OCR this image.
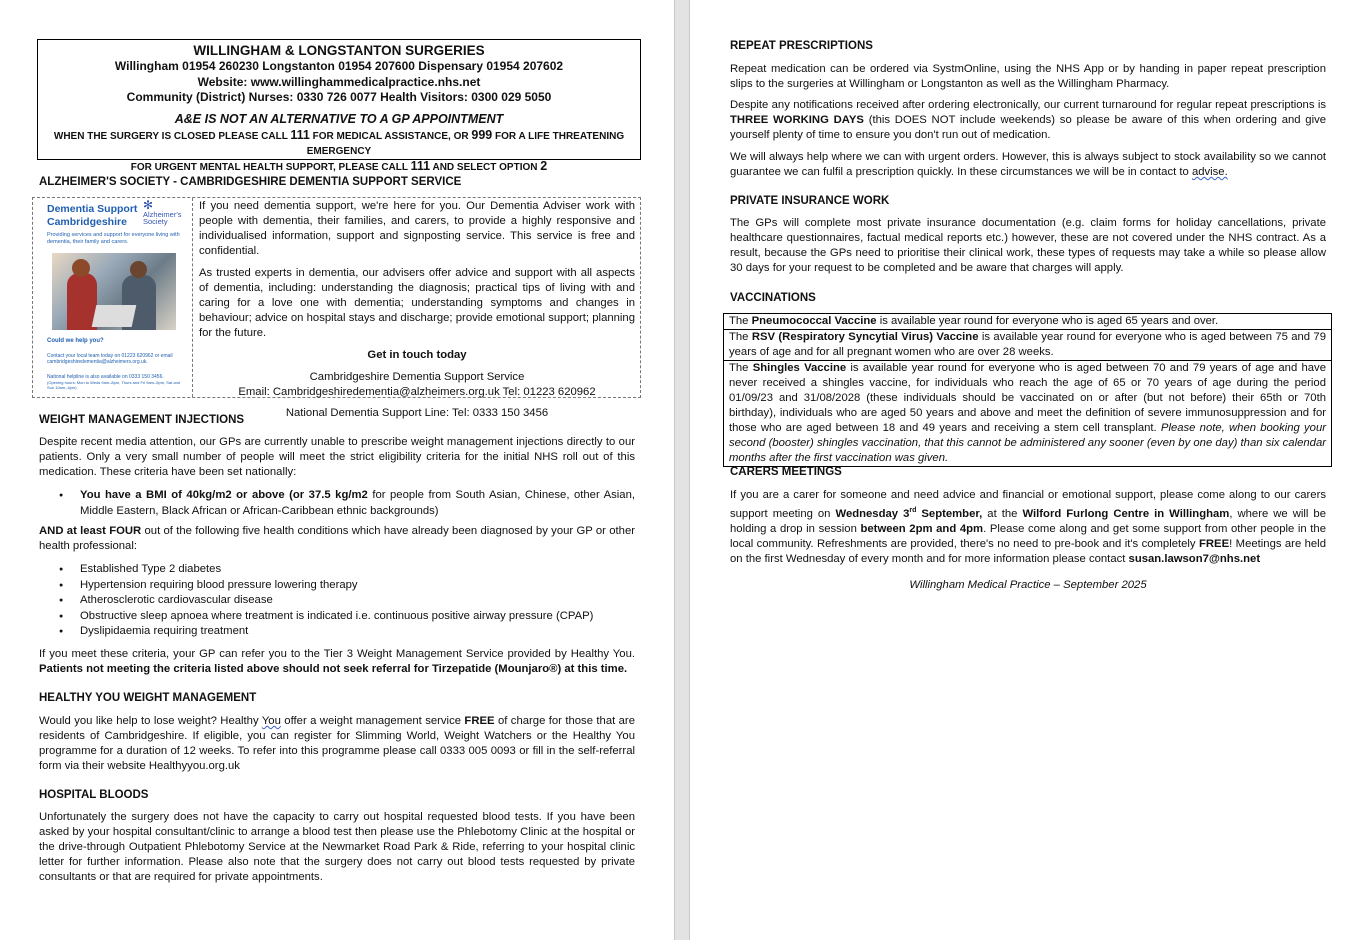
WILLINGHAM & LONGSTANTON SURGERIES
Willingham 01954 260230 Longstanton 01954 207600 Dispensary 01954 207602
Website: www.willinghammedicalpractice.nhs.net
Community (District) Nurses: 0330 726 0077 Health Visitors: 0300 029 5050
A&E IS NOT AN ALTERNATIVE TO A GP APPOINTMENT
WHEN THE SURGERY IS CLOSED PLEASE CALL 111 FOR MEDICAL ASSISTANCE, OR 999 FOR A LIFE THREATENING EMERGENCY
FOR URGENT MENTAL HEALTH SUPPORT, PLEASE CALL 111 AND SELECT OPTION 2
ALZHEIMER'S SOCIETY - CAMBRIDGESHIRE DEMENTIA SUPPORT SERVICE
Dementia Support
Cambridgeshire
✻
Alzheimer's
Society
Providing services and support for everyone living with dementia, their family and carers.
Could we help you?
Contact your local team today on 01223 620962 or email cambridgeshiredementia@alzheimers.org.uk.
National helpline is also available on 0333 150 3456.
(Opening hours: Mon to Weds 9am–8pm, Thurs and Fri 9am–5pm, Sat and Sun 10am–4pm)

If you need dementia support, we're here for you. Our Dementia Adviser work with people with dementia, their families, and carers, to provide a highly responsive and individualised information, support and signposting service. This service is free and confidential.

As trusted experts in dementia, our advisers offer advice and support with all aspects of dementia, including: understanding the diagnosis; practical tips of living with and caring for a love one with dementia; understanding symptoms and changes in behaviour; advice on hospital stays and discharge; provide emotional support; planning for the future.

Get in touch today

Cambridgeshire Dementia Support Service

Email: Cambridgeshiredementia@alzheimers.org.uk Tel: 01223 620962

National Dementia Support Line: Tel: 0333 150 3456

WEIGHT MANAGEMENT INJECTIONS

Despite recent media attention, our GPs are currently unable to prescribe weight management injections directly to our patients. Only a very small number of people will meet the strict eligibility criteria for the initial NHS roll out of this medication. These criteria have been set nationally:

● You have a BMI of 40kg/m2 or above (or 37.5 kg/m2 for people from South Asian, Chinese, other Asian, Middle Eastern, Black African or African-Caribbean ethnic backgrounds)

AND at least FOUR out of the following five health conditions which have already been diagnosed by your GP or other health professional:

● Established Type 2 diabetes
● Hypertension requiring blood pressure lowering therapy
● Atherosclerotic cardiovascular disease
● Obstructive sleep apnoea where treatment is indicated i.e. continuous positive airway pressure (CPAP)
● Dyslipidaemia requiring treatment

If you meet these criteria, your GP can refer you to the Tier 3 Weight Management Service provided by Healthy You. Patients not meeting the criteria listed above should not seek referral for Tirzepatide (Mounjaro®) at this time.

HEALTHY YOU WEIGHT MANAGEMENT

Would you like help to lose weight? Healthy You offer a weight management service FREE of charge for those that are residents of Cambridgeshire. If eligible, you can register for Slimming World, Weight Watchers or the Healthy You programme for a duration of 12 weeks. To refer into this programme please call 0333 005 0093 or fill in the self-referral form via their website Healthyyou.org.uk

HOSPITAL BLOODS

Unfortunately the surgery does not have the capacity to carry out hospital requested blood tests. If you have been asked by your hospital consultant/clinic to arrange a blood test then please use the Phlebotomy Clinic at the hospital or the drive-through Outpatient Phlebotomy Service at the Newmarket Road Park & Ride, referring to your hospital clinic letter for further information. Please also note that the surgery does not carry out blood tests requested by private consultants or that are required for private appointments.

REPEAT PRESCRIPTIONS

Repeat medication can be ordered via SystmOnline, using the NHS App or by handing in paper repeat prescription slips to the surgeries at Willingham or Longstanton as well as the Willingham Pharmacy.

Despite any notifications received after ordering electronically, our current turnaround for regular repeat prescriptions is THREE WORKING DAYS (this DOES NOT include weekends) so please be aware of this when ordering and give yourself plenty of time to ensure you don't run out of medication.

We will always help where we can with urgent orders. However, this is always subject to stock availability so we cannot guarantee we can fulfil a prescription quickly. In these circumstances we will be in contact to advise.

PRIVATE INSURANCE WORK

The GPs will complete most private insurance documentation (e.g. claim forms for holiday cancellations, private healthcare questionnaires, factual medical reports etc.) however, these are not covered under the NHS contract. As a result, because the GPs need to prioritise their clinical work, these types of requests may take a while so please allow 30 days for your request to be completed and be aware that charges will apply.

VACCINATIONS
The Pneumococcal Vaccine is available year round for everyone who is aged 65 years and over.
The RSV (Respiratory Syncytial Virus) Vaccine is available year round for everyone who is aged between 75 and 79 years of age and for all pregnant women who are over 28 weeks.
The Shingles Vaccine is available year round for everyone who is aged between 70 and 79 years of age and have never received a shingles vaccine, for individuals who reach the age of 65 or 70 years of age during the period 01/09/23 and 31/08/2028 (these individuals should be vaccinated on or after (but not before) their 65th or 70th birthday), individuals who are aged 50 years and above and meet the definition of severe immunosuppression and for those who are aged between 18 and 49 years and receiving a stem cell transplant. Please note, when booking your second (booster) shingles vaccination, that this cannot be administered any sooner (even by one day) than six calendar months after the first vaccination was given.
CARERS MEETINGS

If you are a carer for someone and need advice and financial or emotional support, please come along to our carers support meeting on Wednesday 3rd September, at the Wilford Furlong Centre in Willingham, where we will be holding a drop in session between 2pm and 4pm. Please come along and get some support from other people in the local community. Refreshments are provided, there's no need to pre-book and it's completely FREE! Meetings are held on the first Wednesday of every month and for more information please contact susan.lawson7@nhs.net

Willingham Medical Practice – September 2025
